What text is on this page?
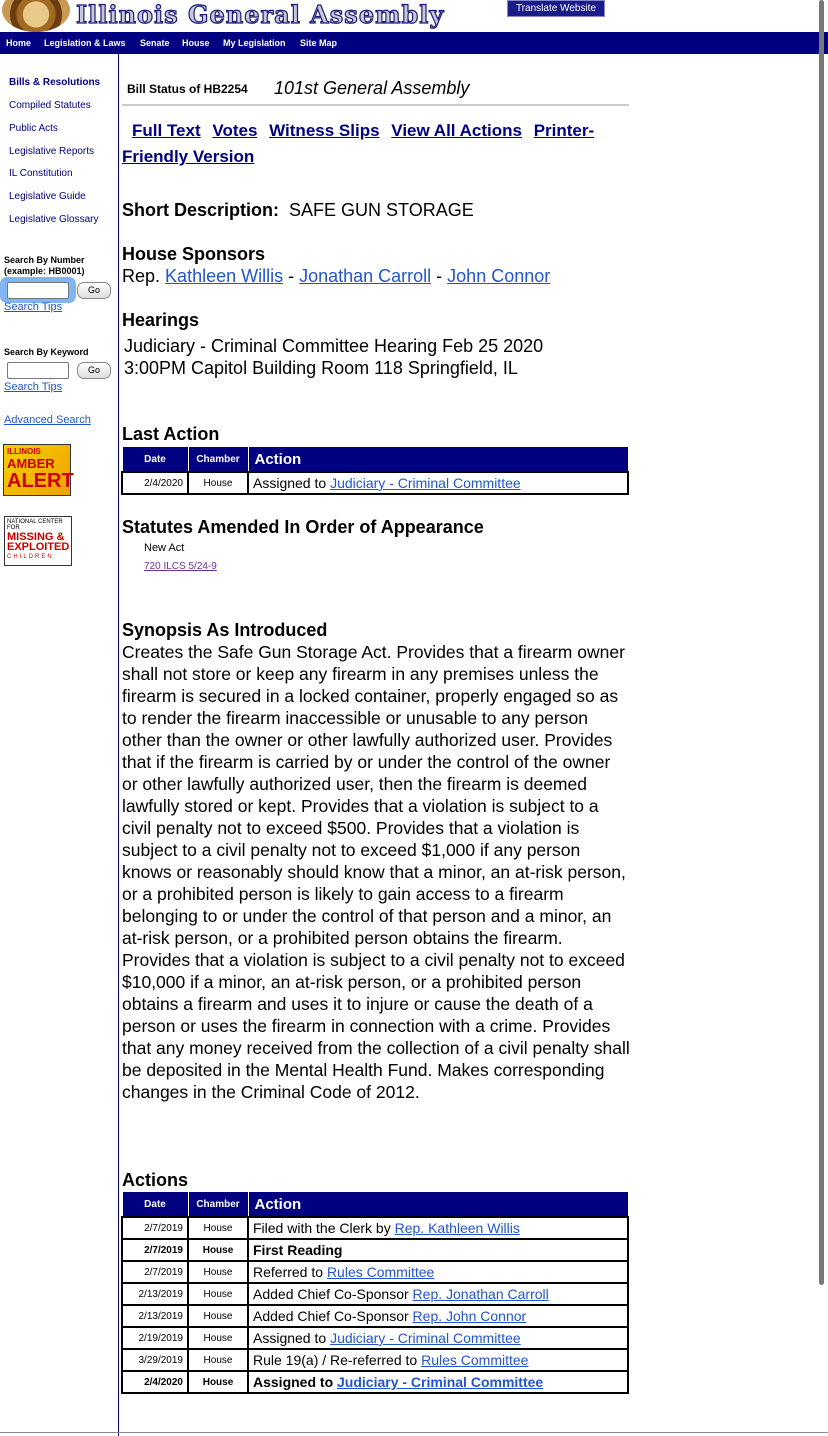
Illinois General Assembly	Translate Website
Home Legislation & Laws Senate House My Legislation Site Map
Bills & Resolutions
Compiled Statutes
Public Acts
Legislative Reports
IL Constitution
Legislative Guide
Legislative Glossary
Search By Number
(example: HB0001)
Go
Search Tips
Search By Keyword
Go
Search Tips
Advanced Search
ILLINOIS
AMBER
ALERT
NATIONAL CENTER FOR
MISSING &
EXPLOITED
CHILDREN
Bill Status of HB2254 101st General Assembly
Full Text Votes Witness Slips View All Actions Printer-Friendly Version
Short Description: SAFE GUN STORAGE
House Sponsors
Rep. Kathleen Willis - Jonathan Carroll - John Connor
Hearings
Judiciary - Criminal Committee Hearing Feb 25 2020
3:00PM Capitol Building Room 118 Springfield, IL
Last Action
Date	Chamber	Action
2/4/2020	House	Assigned to Judiciary - Criminal Committee
Statutes Amended In Order of Appearance
New Act
720 ILCS 5/24-9
Synopsis As Introduced
Creates the Safe Gun Storage Act. Provides that a firearm owner shall not store or keep any firearm in any premises unless the firearm is secured in a locked container, properly engaged so as to render the firearm inaccessible or unusable to any person other than the owner or other lawfully authorized user. Provides that if the firearm is carried by or under the control of the owner or other lawfully authorized user, then the firearm is deemed lawfully stored or kept. Provides that a violation is subject to a civil penalty not to exceed $500. Provides that a violation is subject to a civil penalty not to exceed $1,000 if any person knows or reasonably should know that a minor, an at-risk person, or a prohibited person is likely to gain access to a firearm belonging to or under the control of that person and a minor, an at-risk person, or a prohibited person obtains the firearm. Provides that a violation is subject to a civil penalty not to exceed $10,000 if a minor, an at-risk person, or a prohibited person obtains a firearm and uses it to injure or cause the death of a person or uses the firearm in connection with a crime. Provides that any money received from the collection of a civil penalty shall be deposited in the Mental Health Fund. Makes corresponding changes in the Criminal Code of 2012.
Actions
Date	Chamber	Action
2/7/2019	House	Filed with the Clerk by Rep. Kathleen Willis
2/7/2019	House	First Reading
2/7/2019	House	Referred to Rules Committee
2/13/2019	House	Added Chief Co-Sponsor Rep. Jonathan Carroll
2/13/2019	House	Added Chief Co-Sponsor Rep. John Connor
2/19/2019	House	Assigned to Judiciary - Criminal Committee
3/29/2019	House	Rule 19(a) / Re-referred to Rules Committee
2/4/2020	House	Assigned to Judiciary - Criminal Committee
